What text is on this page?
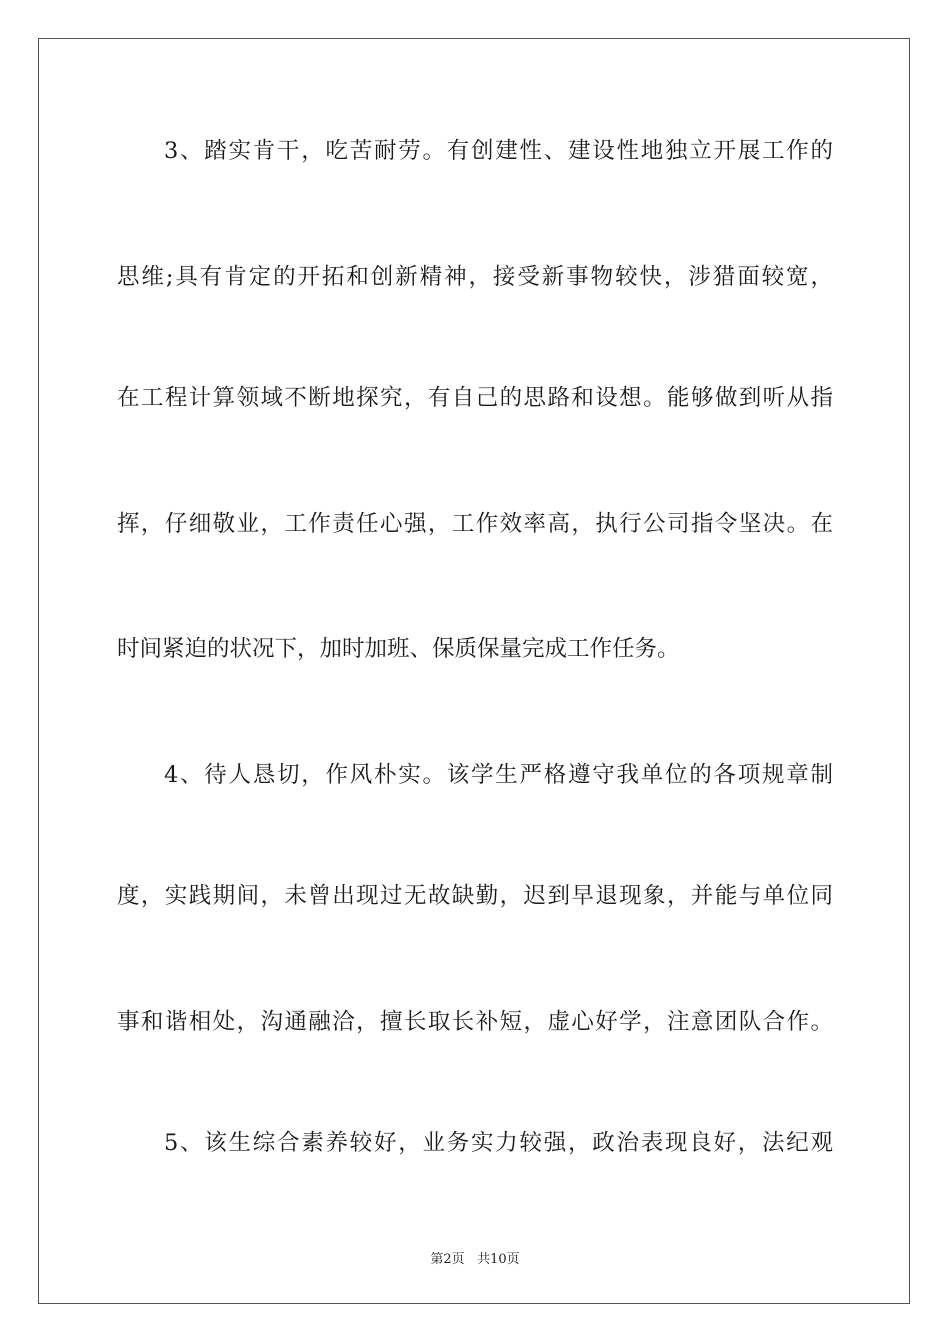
3、踏实肯干，吃苦耐劳。有创建性、建设性地独立开展工作的
思维;具有肯定的开拓和创新精神，接受新事物较快，涉猎面较宽，
在工程计算领域不断地探究，有自己的思路和设想。能够做到听从指
挥，仔细敬业，工作责任心强，工作效率高，执行公司指令坚决。在
时间紧迫的状况下，加时加班、保质保量完成工作任务。
4、待人恳切，作风朴实。该学生严格遵守我单位的各项规章制
度，实践期间，未曾出现过无故缺勤，迟到早退现象，并能与单位同
事和谐相处，沟通融洽，擅长取长补短，虚心好学，注意团队合作。
5、该生综合素养较好，业务实力较强，政治表现良好，法纪观
第2页 共10页
